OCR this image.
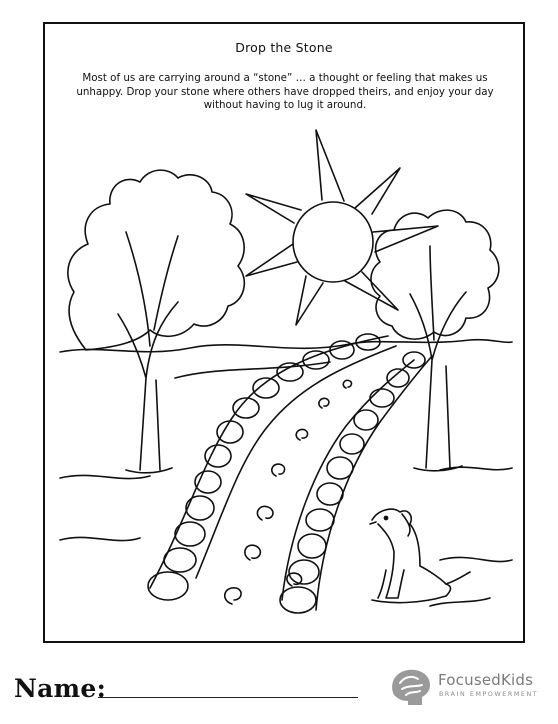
Drop the Stone
Most of us are carrying around a “stone” … a thought or feeling that makes us
unhappy. Drop your stone where others have dropped theirs, and enjoy your day
without having to lug it around.
Name:	FocusedKids
BRAIN EMPOWERMENT
